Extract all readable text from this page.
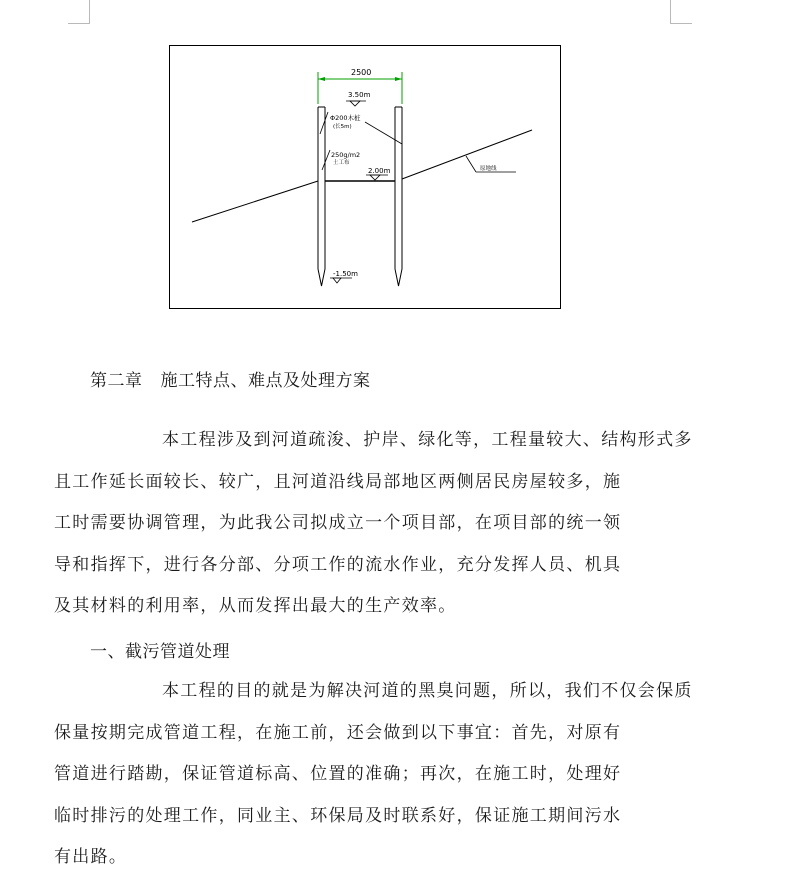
2500
3.50m
Φ200木桩
(长5m)
250g/m2
土工布
2.00m
-1.50m
原地线
第二章 施工特点、难点及处理方案
本工程涉及到河道疏浚、护岸、绿化等，工程量较大、结构形式多
且工作延长面较长、较广，且河道沿线局部地区两侧居民房屋较多，施
工时需要协调管理，为此我公司拟成立一个项目部，在项目部的统一领
导和指挥下，进行各分部、分项工作的流水作业，充分发挥人员、机具
及其材料的利用率，从而发挥出最大的生产效率。
一、截污管道处理
本工程的目的就是为解决河道的黑臭问题，所以，我们不仅会保质
保量按期完成管道工程，在施工前，还会做到以下事宜：首先，对原有
管道进行踏勘，保证管道标高、位置的准确；再次，在施工时，处理好
临时排污的处理工作，同业主、环保局及时联系好，保证施工期间污水
有出路。
